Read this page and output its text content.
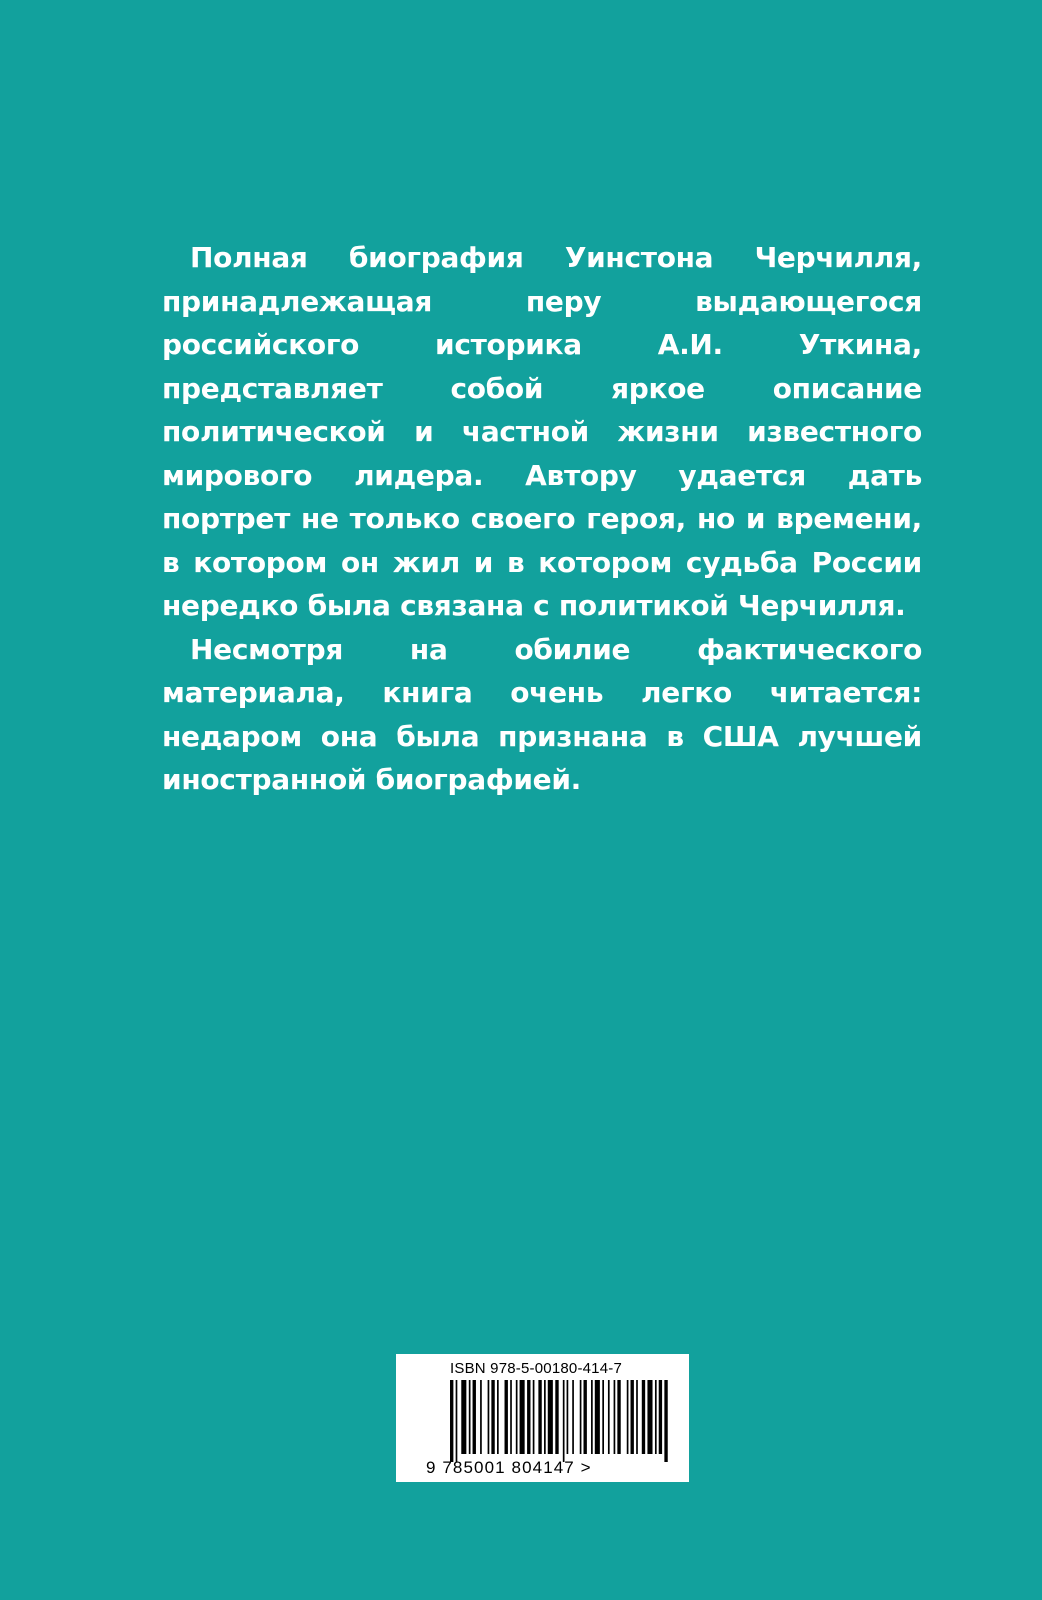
Полная биография Уинстона Черчилля, принадлежащая перу выдающегося российского историка А.И. Уткина, представляет собой яркое описание политической и частной жизни известного мирового лидера. Автору удается дать портрет не только своего героя, но и времени, в котором он жил и в котором судьба России нередко была связана с политикой Черчилля.

Несмотря на обилие фактического материала, книга очень легко читается: недаром она была признана в США лучшей иностранной биографией.

ISBN 978-5-00180-414-7
9 785001 804147 >
